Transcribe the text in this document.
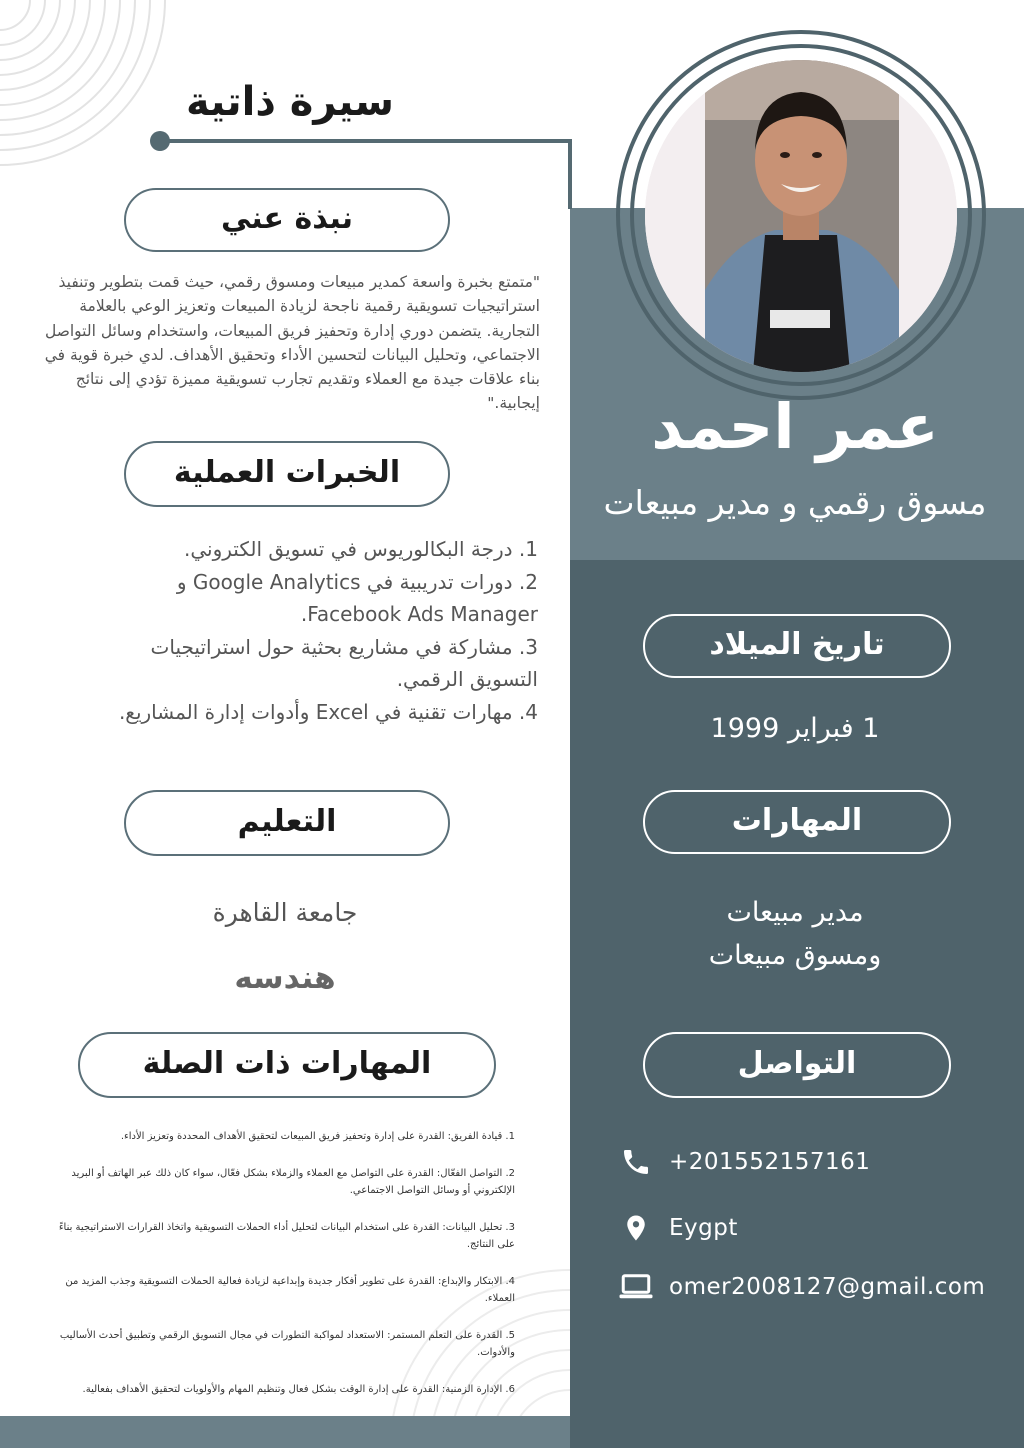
سيرة ذاتية
نبذة عني
"متمتع بخبرة واسعة كمدير مبيعات ومسوق رقمي، حيث قمت بتطوير وتنفيذ استراتيجيات تسويقية رقمية ناجحة لزيادة المبيعات وتعزيز الوعي بالعلامة التجارية. يتضمن دوري إدارة وتحفيز فريق المبيعات، واستخدام وسائل التواصل الاجتماعي، وتحليل البيانات لتحسين الأداء وتحقيق الأهداف. لدي خبرة قوية في بناء علاقات جيدة مع العملاء وتقديم تجارب تسويقية مميزة تؤدي إلى نتائج إيجابية."
الخبرات العملية
1. درجة البكالوريوس في تسويق الكتروني.
2. دورات تدريبية في Google Analytics و Facebook Ads Manager.
3. مشاركة في مشاريع بحثية حول استراتيجيات التسويق الرقمي.
4. مهارات تقنية في Excel وأدوات إدارة المشاريع.
التعليم
جامعة القاهرة
هندسه
المهارات ذات الصلة
1. قيادة الفريق: القدرة على إدارة وتحفيز فريق المبيعات لتحقيق الأهداف المحددة وتعزيز الأداء.
2. التواصل الفعّال: القدرة على التواصل مع العملاء والزملاء بشكل فعّال، سواء كان ذلك عبر الهاتف أو البريد الإلكتروني أو وسائل التواصل الاجتماعي.
3. تحليل البيانات: القدرة على استخدام البيانات لتحليل أداء الحملات التسويقية واتخاذ القرارات الاستراتيجية بناءً على النتائج.
4. الابتكار والإبداع: القدرة على تطوير أفكار جديدة وإبداعية لزيادة فعالية الحملات التسويقية وجذب المزيد من العملاء.
5. القدرة على التعلم المستمر: الاستعداد لمواكبة التطورات في مجال التسويق الرقمي وتطبيق أحدث الأساليب والأدوات.
6. الإدارة الزمنية: القدرة على إدارة الوقت بشكل فعال وتنظيم المهام والأولويات لتحقيق الأهداف بفعالية.
عمر احمد
مسوق رقمي و مدير مبيعات
تاريخ الميلاد
1 فبراير 1999
المهارات
مدير مبيعات
ومسوق مبيعات
التواصل
+201552157161
Eygpt
omer2008127@gmail.com
